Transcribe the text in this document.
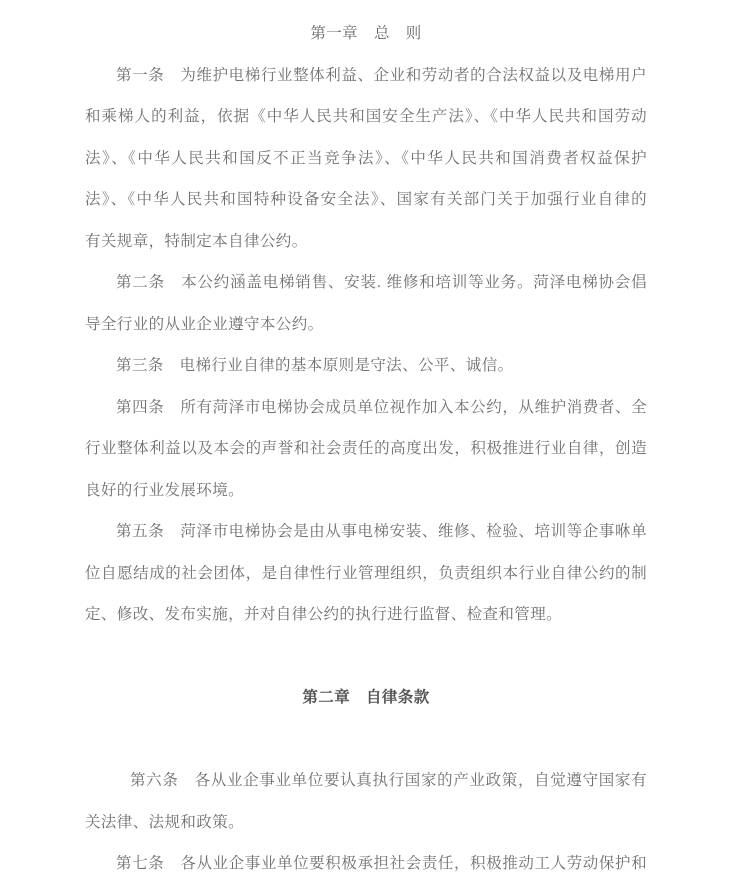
第一章　总　则
第一条　为维护电梯行业整体利益、企业和劳动者的合法权益以及电梯用户
和乘梯人的利益，依据《中华人民共和国安全生产法》、《中华人民共和国劳动
法》、《中华人民共和国反不正当竞争法》、《中华人民共和国消费者权益保护
法》、《中华人民共和国特种设备安全法》、国家有关部门关于加强行业自律的
有关规章，特制定本自律公约。
第二条　本公约涵盖电梯销售、安装. 维修和培训等业务。菏泽电梯协会倡
导全行业的从业企业遵守本公约。
第三条　电梯行业自律的基本原则是守法、公平、诚信。
第四条　所有菏泽市电梯协会成员单位视作加入本公约，从维护消费者、全
行业整体利益以及本会的声誉和社会责任的高度出发，积极推进行业自律，创造
良好的行业发展环境。
第五条　菏泽市电梯协会是由从事电梯安装、维修、检验、培训等企事咻单
位自愿结成的社会团体，是自律性行业管理组织，负责组织本行业自律公约的制
定、修改、发布实施，并对自律公约的执行进行监督、检查和管理。
第二章　自律条款
第六条　各从业企事业单位要认真执行国家的产业政策，自觉遵守国家有
关法律、法规和政策。
第七条　各从业企事业单位要积极承担社会责任，积极推动工人劳动保护和
